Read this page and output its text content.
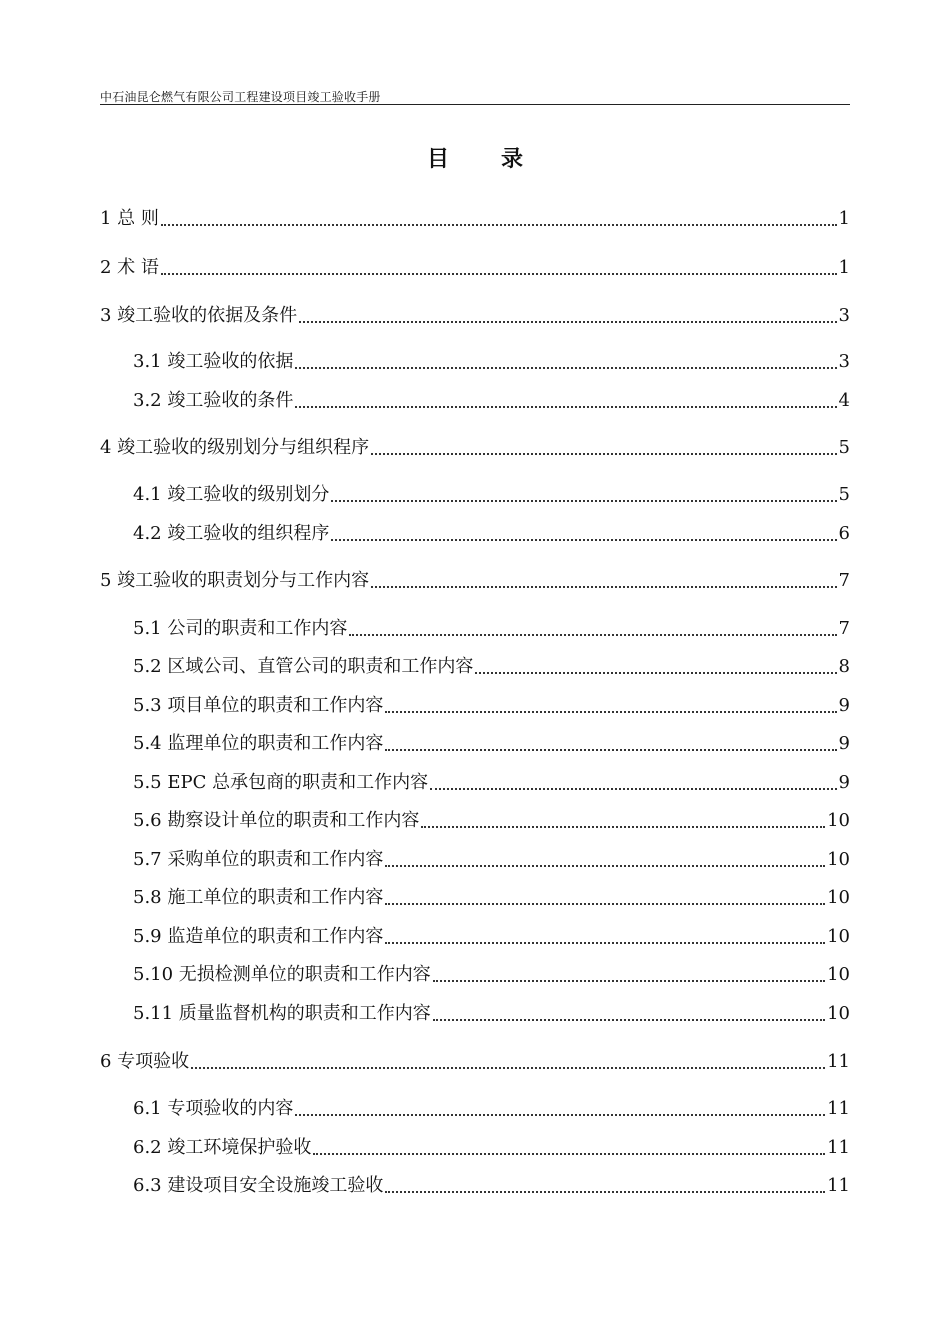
中石油昆仑燃气有限公司工程建设项目竣工验收手册
目 录
1 总 则	1
2 术 语	1
3 竣工验收的依据及条件	3
3.1 竣工验收的依据	3
3.2 竣工验收的条件	4
4 竣工验收的级别划分与组织程序	5
4.1 竣工验收的级别划分	5
4.2 竣工验收的组织程序	6
5 竣工验收的职责划分与工作内容	7
5.1 公司的职责和工作内容	7
5.2 区域公司、直管公司的职责和工作内容	8
5.3 项目单位的职责和工作内容	9
5.4 监理单位的职责和工作内容	9
5.5 EPC 总承包商的职责和工作内容	9
5.6 勘察设计单位的职责和工作内容	10
5.7 采购单位的职责和工作内容	10
5.8 施工单位的职责和工作内容	10
5.9 监造单位的职责和工作内容	10
5.10 无损检测单位的职责和工作内容	10
5.11 质量监督机构的职责和工作内容	10
6 专项验收	11
6.1 专项验收的内容	11
6.2 竣工环境保护验收	11
6.3 建设项目安全设施竣工验收	11
